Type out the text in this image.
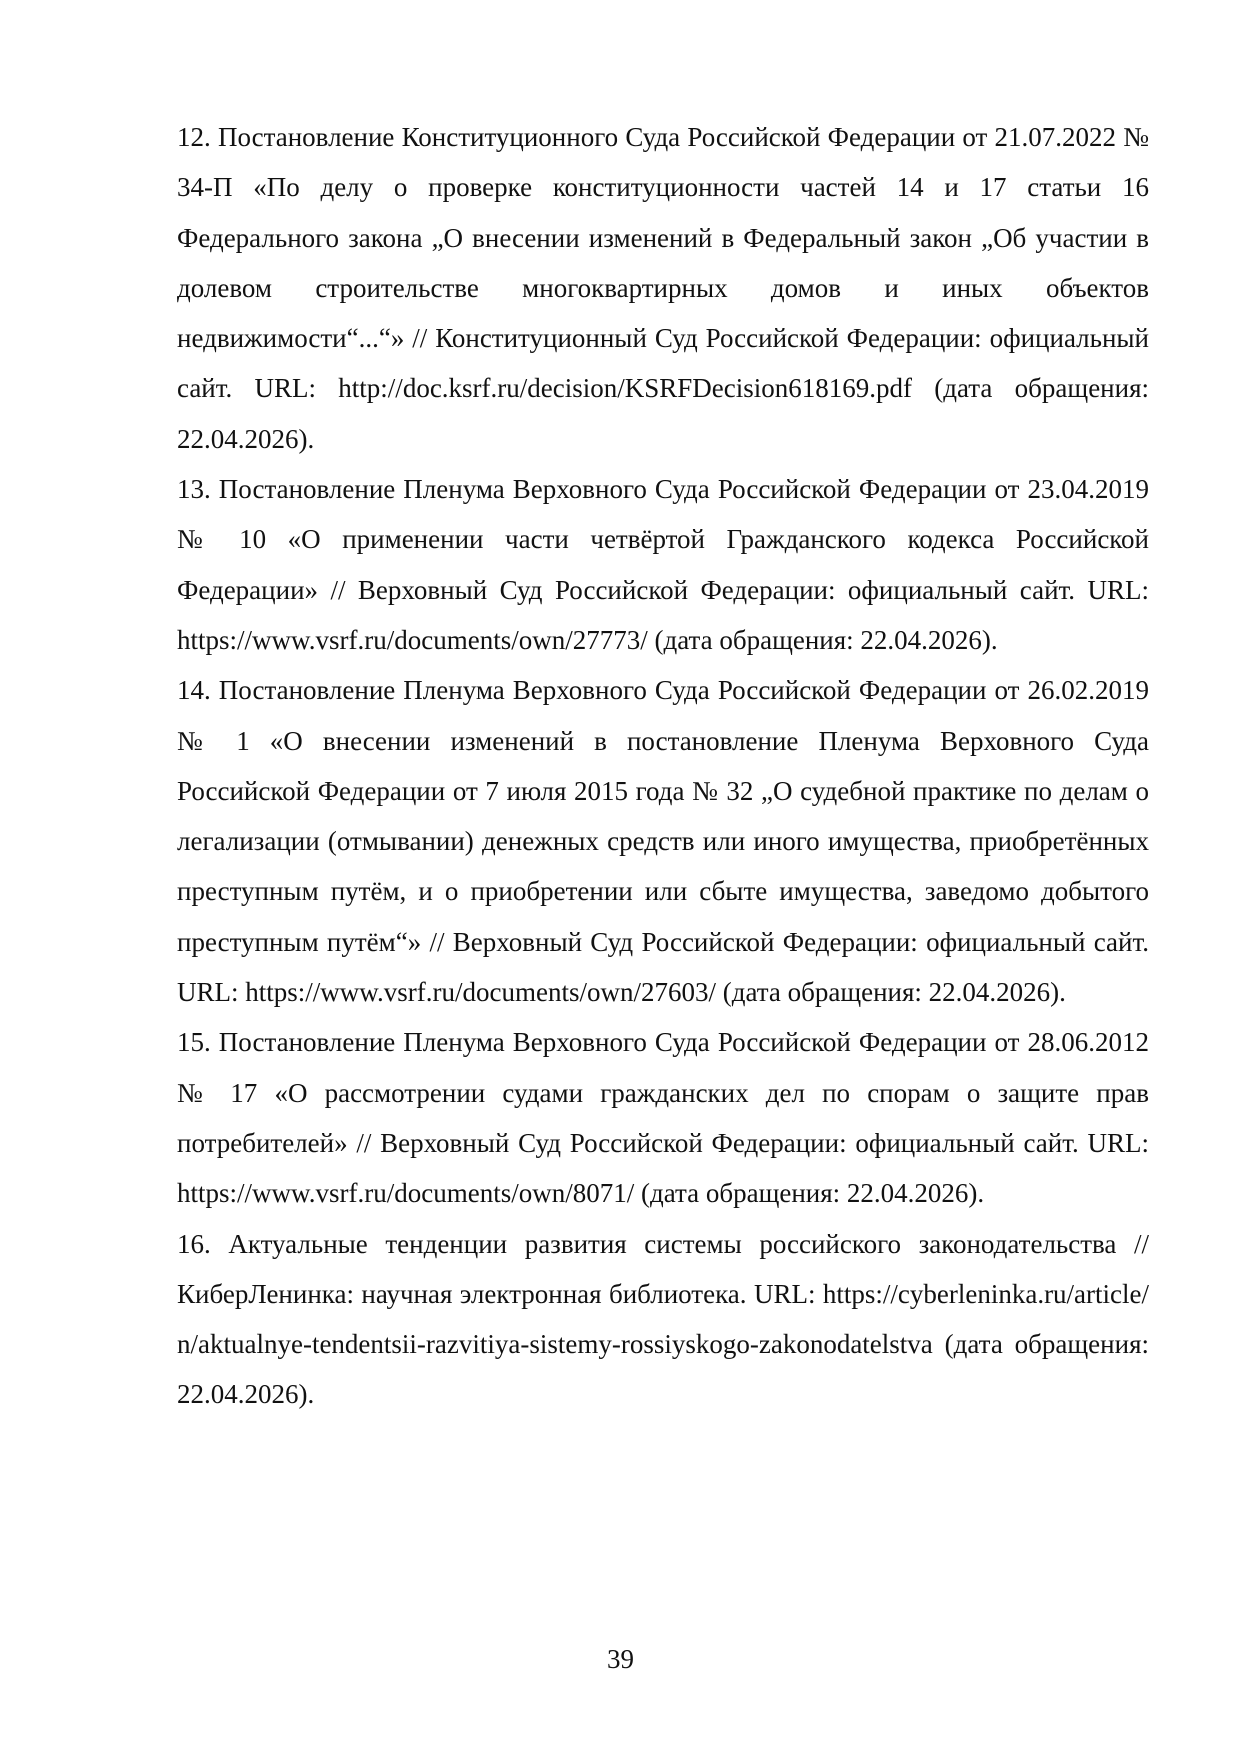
12. Постановление Конституционного Суда Российской Федерации от 21.07.2022 № 34-П «По делу о проверке конституционности частей 14 и 17 статьи 16 Федерального закона „О внесении изменений в Федеральный закон „Об участии в долевом строительстве многоквартирных домов и иных объектов недвижимости“...“» // Конституционный Суд Российской Федерации: официальный сайт. URL: http://doc.ksrf.ru/decision/KSRFDecision618169.pdf (дата обращения: 22.04.2026).

13. Постановление Пленума Верховного Суда Российской Федерации от 23.04.2019 № 10 «О применении части четвёртой Гражданского кодекса Российской Федерации» // Верховный Суд Российской Федерации: официальный сайт. URL: https://www.vsrf.ru/documents/own/27773/ (дата обращения: 22.04.2026).

14. Постановление Пленума Верховного Суда Российской Федерации от 26.02.2019 № 1 «О внесении изменений в постановление Пленума Верховного Суда Российской Федерации от 7 июля 2015 года № 32 „О судебной практике по делам о легализации (отмывании) денежных средств или иного имущества, приобретённых преступным путём, и о приобретении или сбыте имущества, заведомо добытого преступным путём“» // Верховный Суд Российской Федерации: официальный сайт. URL: https://www.vsrf.ru/documents/own/27603/ (дата обращения: 22.04.2026).

15. Постановление Пленума Верховного Суда Российской Федерации от 28.06.2012 № 17 «О рассмотрении судами гражданских дел по спорам о защите прав потребителей» // Верховный Суд Российской Федерации: официальный сайт. URL: https://www.vsrf.ru/documents/own/8071/ (дата обращения: 22.04.2026).

16. Актуальные тенденции развития системы российского законодательства // КиберЛенинка: научная электронная библиотека. URL: https://cyberleninka.ru/article/n/aktualnye-tendentsii-razvitiya-sistemy-rossiyskogo-zakonodatelstva (дата обращения: 22.04.2026).

39
